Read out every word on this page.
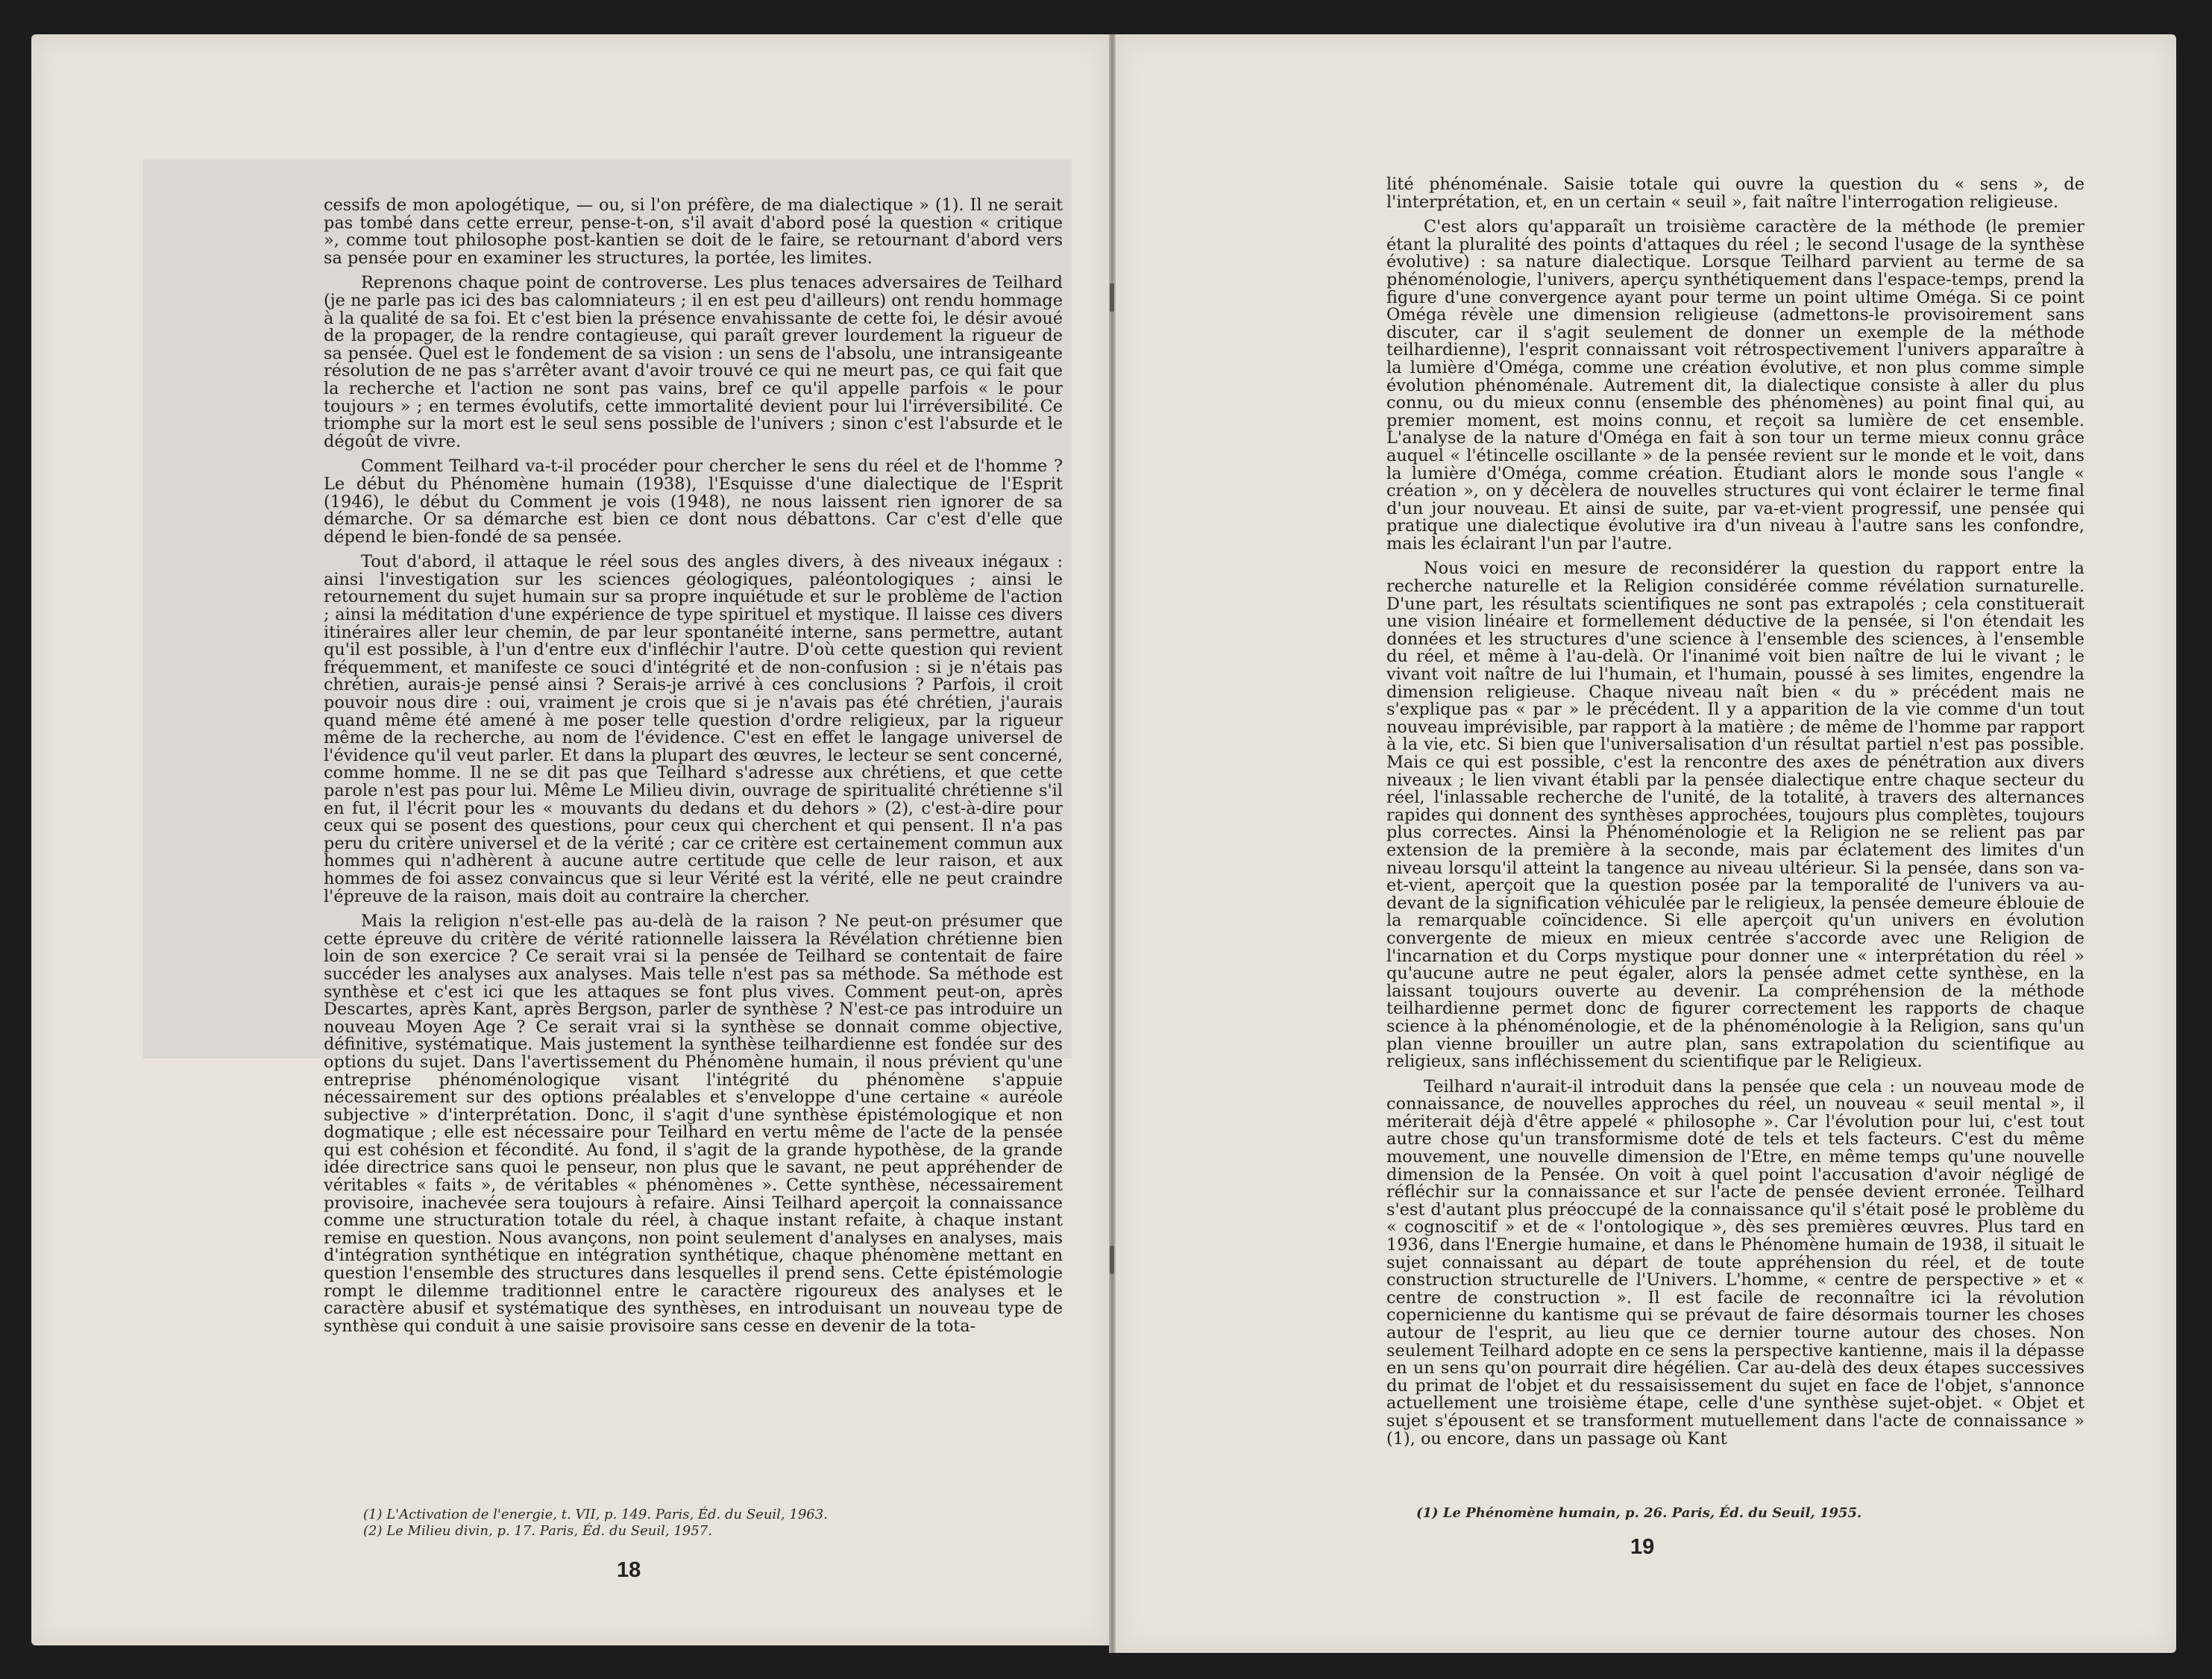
cessifs de mon apologétique, — ou, si l'on préfère, de ma dialectique » (1). Il ne serait pas tombé dans cette erreur, pense-t-on, s'il avait d'abord posé la question « critique », comme tout philosophe post-kantien se doit de le faire, se retournant d'abord vers sa pensée pour en examiner les structures, la portée, les limites.

Reprenons chaque point de controverse. Les plus tenaces adversaires de Teilhard (je ne parle pas ici des bas calomniateurs ; il en est peu d'ailleurs) ont rendu hommage à la qualité de sa foi. Et c'est bien la présence envahissante de cette foi, le désir avoué de la propager, de la rendre contagieuse, qui paraît grever lourdement la rigueur de sa pensée. Quel est le fondement de sa vision : un sens de l'absolu, une intransigeante résolution de ne pas s'arrêter avant d'avoir trouvé ce qui ne meurt pas, ce qui fait que la recherche et l'action ne sont pas vains, bref ce qu'il appelle parfois « le pour toujours » ; en termes évolutifs, cette immortalité devient pour lui l'irréversibilité. Ce triomphe sur la mort est le seul sens possible de l'univers ; sinon c'est l'absurde et le dégoût de vivre.

Comment Teilhard va-t-il procéder pour chercher le sens du réel et de l'homme ? Le début du Phénomène humain (1938), l'Esquisse d'une dialectique de l'Esprit (1946), le début du Comment je vois (1948), ne nous laissent rien ignorer de sa démarche. Or sa démarche est bien ce dont nous débattons. Car c'est d'elle que dépend le bien-fondé de sa pensée.

Tout d'abord, il attaque le réel sous des angles divers, à des niveaux inégaux : ainsi l'investigation sur les sciences géologiques, paléontologiques ; ainsi le retournement du sujet humain sur sa propre inquiétude et sur le problème de l'action ; ainsi la méditation d'une expérience de type spirituel et mystique. Il laisse ces divers itinéraires aller leur chemin, de par leur spontanéité interne, sans permettre, autant qu'il est possible, à l'un d'entre eux d'infléchir l'autre. D'où cette question qui revient fréquemment, et manifeste ce souci d'intégrité et de non-confusion : si je n'étais pas chrétien, aurais-je pensé ainsi ? Serais-je arrivé à ces conclusions ? Parfois, il croit pouvoir nous dire : oui, vraiment je crois que si je n'avais pas été chrétien, j'aurais quand même été amené à me poser telle question d'ordre religieux, par la rigueur même de la recherche, au nom de l'évidence. C'est en effet le langage universel de l'évidence qu'il veut parler. Et dans la plupart des œuvres, le lecteur se sent concerné, comme homme. Il ne se dit pas que Teilhard s'adresse aux chrétiens, et que cette parole n'est pas pour lui. Même Le Milieu divin, ouvrage de spiritualité chrétienne s'il en fut, il l'écrit pour les « mouvants du dedans et du dehors » (2), c'est-à-dire pour ceux qui se posent des questions, pour ceux qui cherchent et qui pensent. Il n'a pas peru du critère universel et de la vérité ; car ce critère est certainement commun aux hommes qui n'adhèrent à aucune autre certitude que celle de leur raison, et aux hommes de foi assez convaincus que si leur Vérité est la vérité, elle ne peut craindre l'épreuve de la raison, mais doit au contraire la chercher.

Mais la religion n'est-elle pas au-delà de la raison ? Ne peut-on présumer que cette épreuve du critère de vérité rationnelle laissera la Révélation chrétienne bien loin de son exercice ? Ce serait vrai si la pensée de Teilhard se contentait de faire succéder les analyses aux analyses. Mais telle n'est pas sa méthode. Sa méthode est synthèse et c'est ici que les attaques se font plus vives. Comment peut-on, après Descartes, après Kant, après Bergson, parler de synthèse ? N'est-ce pas introduire un nouveau Moyen Age ? Ce serait vrai si la synthèse se donnait comme objective, définitive, systématique. Mais justement la synthèse teilhardienne est fondée sur des options du sujet. Dans l'avertissement du Phénomène humain, il nous prévient qu'une entreprise phénoménologique visant l'intégrité du phénomène s'appuie nécessairement sur des options préalables et s'enveloppe d'une certaine « auréole subjective » d'interprétation. Donc, il s'agit d'une synthèse épistémologique et non dogmatique ; elle est nécessaire pour Teilhard en vertu même de l'acte de la pensée qui est cohésion et fécondité. Au fond, il s'agit de la grande hypothèse, de la grande idée directrice sans quoi le penseur, non plus que le savant, ne peut appréhender de véritables « faits », de véritables « phénomènes ». Cette synthèse, nécessairement provisoire, inachevée sera toujours à refaire. Ainsi Teilhard aperçoit la connaissance comme une structuration totale du réel, à chaque instant refaite, à chaque instant remise en question. Nous avançons, non point seulement d'analyses en analyses, mais d'intégration synthétique en intégration synthétique, chaque phénomène mettant en question l'ensemble des structures dans lesquelles il prend sens. Cette épistémologie rompt le dilemme traditionnel entre le caractère rigoureux des analyses et le caractère abusif et systématique des synthèses, en introduisant un nouveau type de synthèse qui conduit à une saisie provisoire sans cesse en devenir de la tota-

(1) L'Activation de l'energie, t. VII, p. 149. Paris, Éd. du Seuil, 1963.
(2) Le Milieu divin, p. 17. Paris, Éd. du Seuil, 1957.
18

lité phénoménale. Saisie totale qui ouvre la question du « sens », de l'interprétation, et, en un certain « seuil », fait naître l'interrogation religieuse.

C'est alors qu'apparaît un troisième caractère de la méthode (le premier étant la pluralité des points d'attaques du réel ; le second l'usage de la synthèse évolutive) : sa nature dialectique. Lorsque Teilhard parvient au terme de sa phénoménologie, l'univers, aperçu synthétiquement dans l'espace-temps, prend la figure d'une convergence ayant pour terme un point ultime Oméga. Si ce point Oméga révèle une dimension religieuse (admettons-le provisoirement sans discuter, car il s'agit seulement de donner un exemple de la méthode teilhardienne), l'esprit connaissant voit rétrospectivement l'univers apparaître à la lumière d'Oméga, comme une création évolutive, et non plus comme simple évolution phénoménale. Autrement dit, la dialectique consiste à aller du plus connu, ou du mieux connu (ensemble des phénomènes) au point final qui, au premier moment, est moins connu, et reçoit sa lumière de cet ensemble. L'analyse de la nature d'Oméga en fait à son tour un terme mieux connu grâce auquel « l'étincelle oscillante » de la pensée revient sur le monde et le voit, dans la lumière d'Oméga, comme création. Étudiant alors le monde sous l'angle « création », on y décèlera de nouvelles structures qui vont éclairer le terme final d'un jour nouveau. Et ainsi de suite, par va-et-vient progressif, une pensée qui pratique une dialectique évolutive ira d'un niveau à l'autre sans les confondre, mais les éclairant l'un par l'autre.

Nous voici en mesure de reconsidérer la question du rapport entre la recherche naturelle et la Religion considérée comme révélation surnaturelle. D'une part, les résultats scientifiques ne sont pas extrapolés ; cela constituerait une vision linéaire et formellement déductive de la pensée, si l'on étendait les données et les structures d'une science à l'ensemble des sciences, à l'ensemble du réel, et même à l'au-delà. Or l'inanimé voit bien naître de lui le vivant ; le vivant voit naître de lui l'humain, et l'humain, poussé à ses limites, engendre la dimension religieuse. Chaque niveau naît bien « du » précédent mais ne s'explique pas « par » le précédent. Il y a apparition de la vie comme d'un tout nouveau imprévisible, par rapport à la matière ; de même de l'homme par rapport à la vie, etc. Si bien que l'universalisation d'un résultat partiel n'est pas possible. Mais ce qui est possible, c'est la rencontre des axes de pénétration aux divers niveaux ; le lien vivant établi par la pensée dialectique entre chaque secteur du réel, l'inlassable recherche de l'unité, de la totalité, à travers des alternances rapides qui donnent des synthèses approchées, toujours plus complètes, toujours plus correctes. Ainsi la Phénoménologie et la Religion ne se relient pas par extension de la première à la seconde, mais par éclatement des limites d'un niveau lorsqu'il atteint la tangence au niveau ultérieur. Si la pensée, dans son va-et-vient, aperçoit que la question posée par la temporalité de l'univers va au-devant de la signification véhiculée par le religieux, la pensée demeure éblouie de la remarquable coïncidence. Si elle aperçoit qu'un univers en évolution convergente de mieux en mieux centrée s'accorde avec une Religion de l'incarnation et du Corps mystique pour donner une « interprétation du réel » qu'aucune autre ne peut égaler, alors la pensée admet cette synthèse, en la laissant toujours ouverte au devenir. La compréhension de la méthode teilhardienne permet donc de figurer correctement les rapports de chaque science à la phénoménologie, et de la phénoménologie à la Religion, sans qu'un plan vienne brouiller un autre plan, sans extrapolation du scientifique au religieux, sans infléchissement du scientifique par le Religieux.

Teilhard n'aurait-il introduit dans la pensée que cela : un nouveau mode de connaissance, de nouvelles approches du réel, un nouveau « seuil mental », il mériterait déjà d'être appelé « philosophe ». Car l'évolution pour lui, c'est tout autre chose qu'un transformisme doté de tels et tels facteurs. C'est du même mouvement, une nouvelle dimension de l'Etre, en même temps qu'une nouvelle dimension de la Pensée. On voit à quel point l'accusation d'avoir négligé de réfléchir sur la connaissance et sur l'acte de pensée devient erronée. Teilhard s'est d'autant plus préoccupé de la connaissance qu'il s'était posé le problème du « cognoscitif » et de « l'ontologique », dès ses premières œuvres. Plus tard en 1936, dans l'Energie humaine, et dans le Phénomène humain de 1938, il situait le sujet connaissant au départ de toute appréhension du réel, et de toute construction structurelle de l'Univers. L'homme, « centre de perspective » et « centre de construction ». Il est facile de reconnaître ici la révolution copernicienne du kantisme qui se prévaut de faire désormais tourner les choses autour de l'esprit, au lieu que ce dernier tourne autour des choses. Non seulement Teilhard adopte en ce sens la perspective kantienne, mais il la dépasse en un sens qu'on pourrait dire hégélien. Car au-delà des deux étapes successives du primat de l'objet et du ressaisissement du sujet en face de l'objet, s'annonce actuellement une troisième étape, celle d'une synthèse sujet-objet. « Objet et sujet s'épousent et se transforment mutuellement dans l'acte de connaissance » (1), ou encore, dans un passage où Kant

(1) Le Phénomène humain, p. 26. Paris, Éd. du Seuil, 1955.
19
